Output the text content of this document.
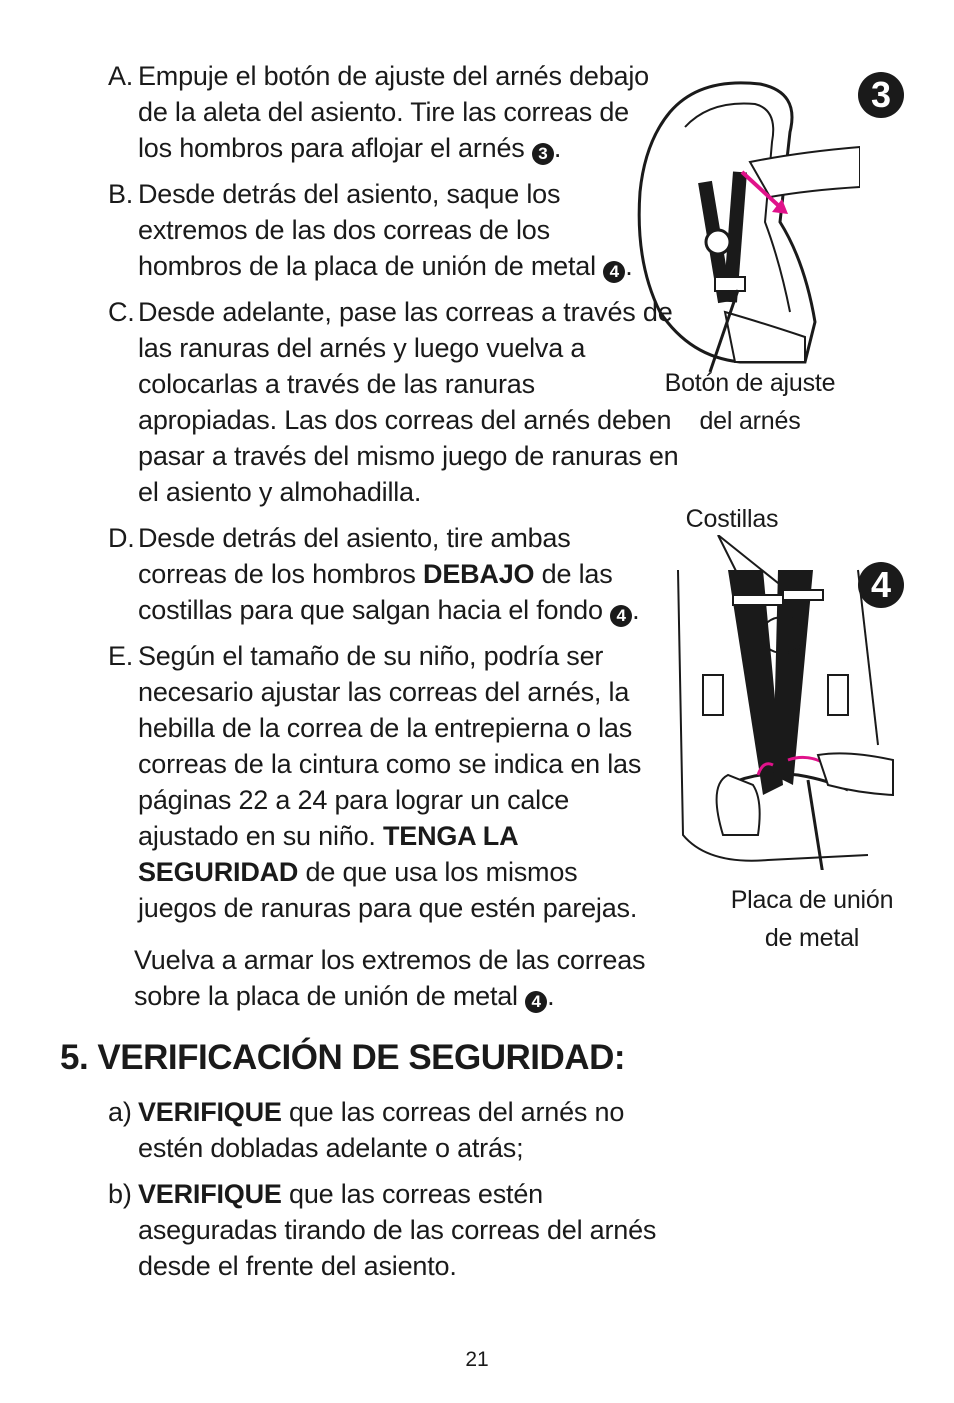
A. Empuje el botón de ajuste del arnés debajo de la aleta del asiento. Tire las correas de los hombros para aflojar el arnés 3 .
B. Desde detrás del asiento, saque los extremos de las dos correas de los hombros de la placa de unión de metal 4 .
C. Desde adelante, pase las correas a través de las ranuras del arnés y luego vuelva a colocarlas a través de las ranuras apropiadas. Las dos correas del arnés deben pasar a través del mismo juego de ranuras en el asiento y almohadilla.
D. Desde detrás del asiento, tire ambas correas de los hombros DEBAJO de las costillas para que salgan hacia el fondo 4 .
E. Según el tamaño de su niño, podría ser necesario ajustar las correas del arnés, la hebilla de la correa de la entrepierna o las correas de la cintura como se indica en las páginas 22 a 24 para lograr un calce ajustado en su niño. TENGA LA SEGURIDAD de que usa los mismos juegos de ranuras para que estén parejas.
Vuelva a armar los extremos de las correas sobre la placa de unión de metal 4 .
5. VERIFICACIÓN DE SEGURIDAD:
a) VERIFIQUE que las correas del arnés no estén dobladas adelante o atrás;
b) VERIFIQUE que las correas estén aseguradas tirando de las correas del arnés desde el frente del asiento.
3
Botón de ajuste
del arnés
Costillas
4
Placa de unión
de metal
21
